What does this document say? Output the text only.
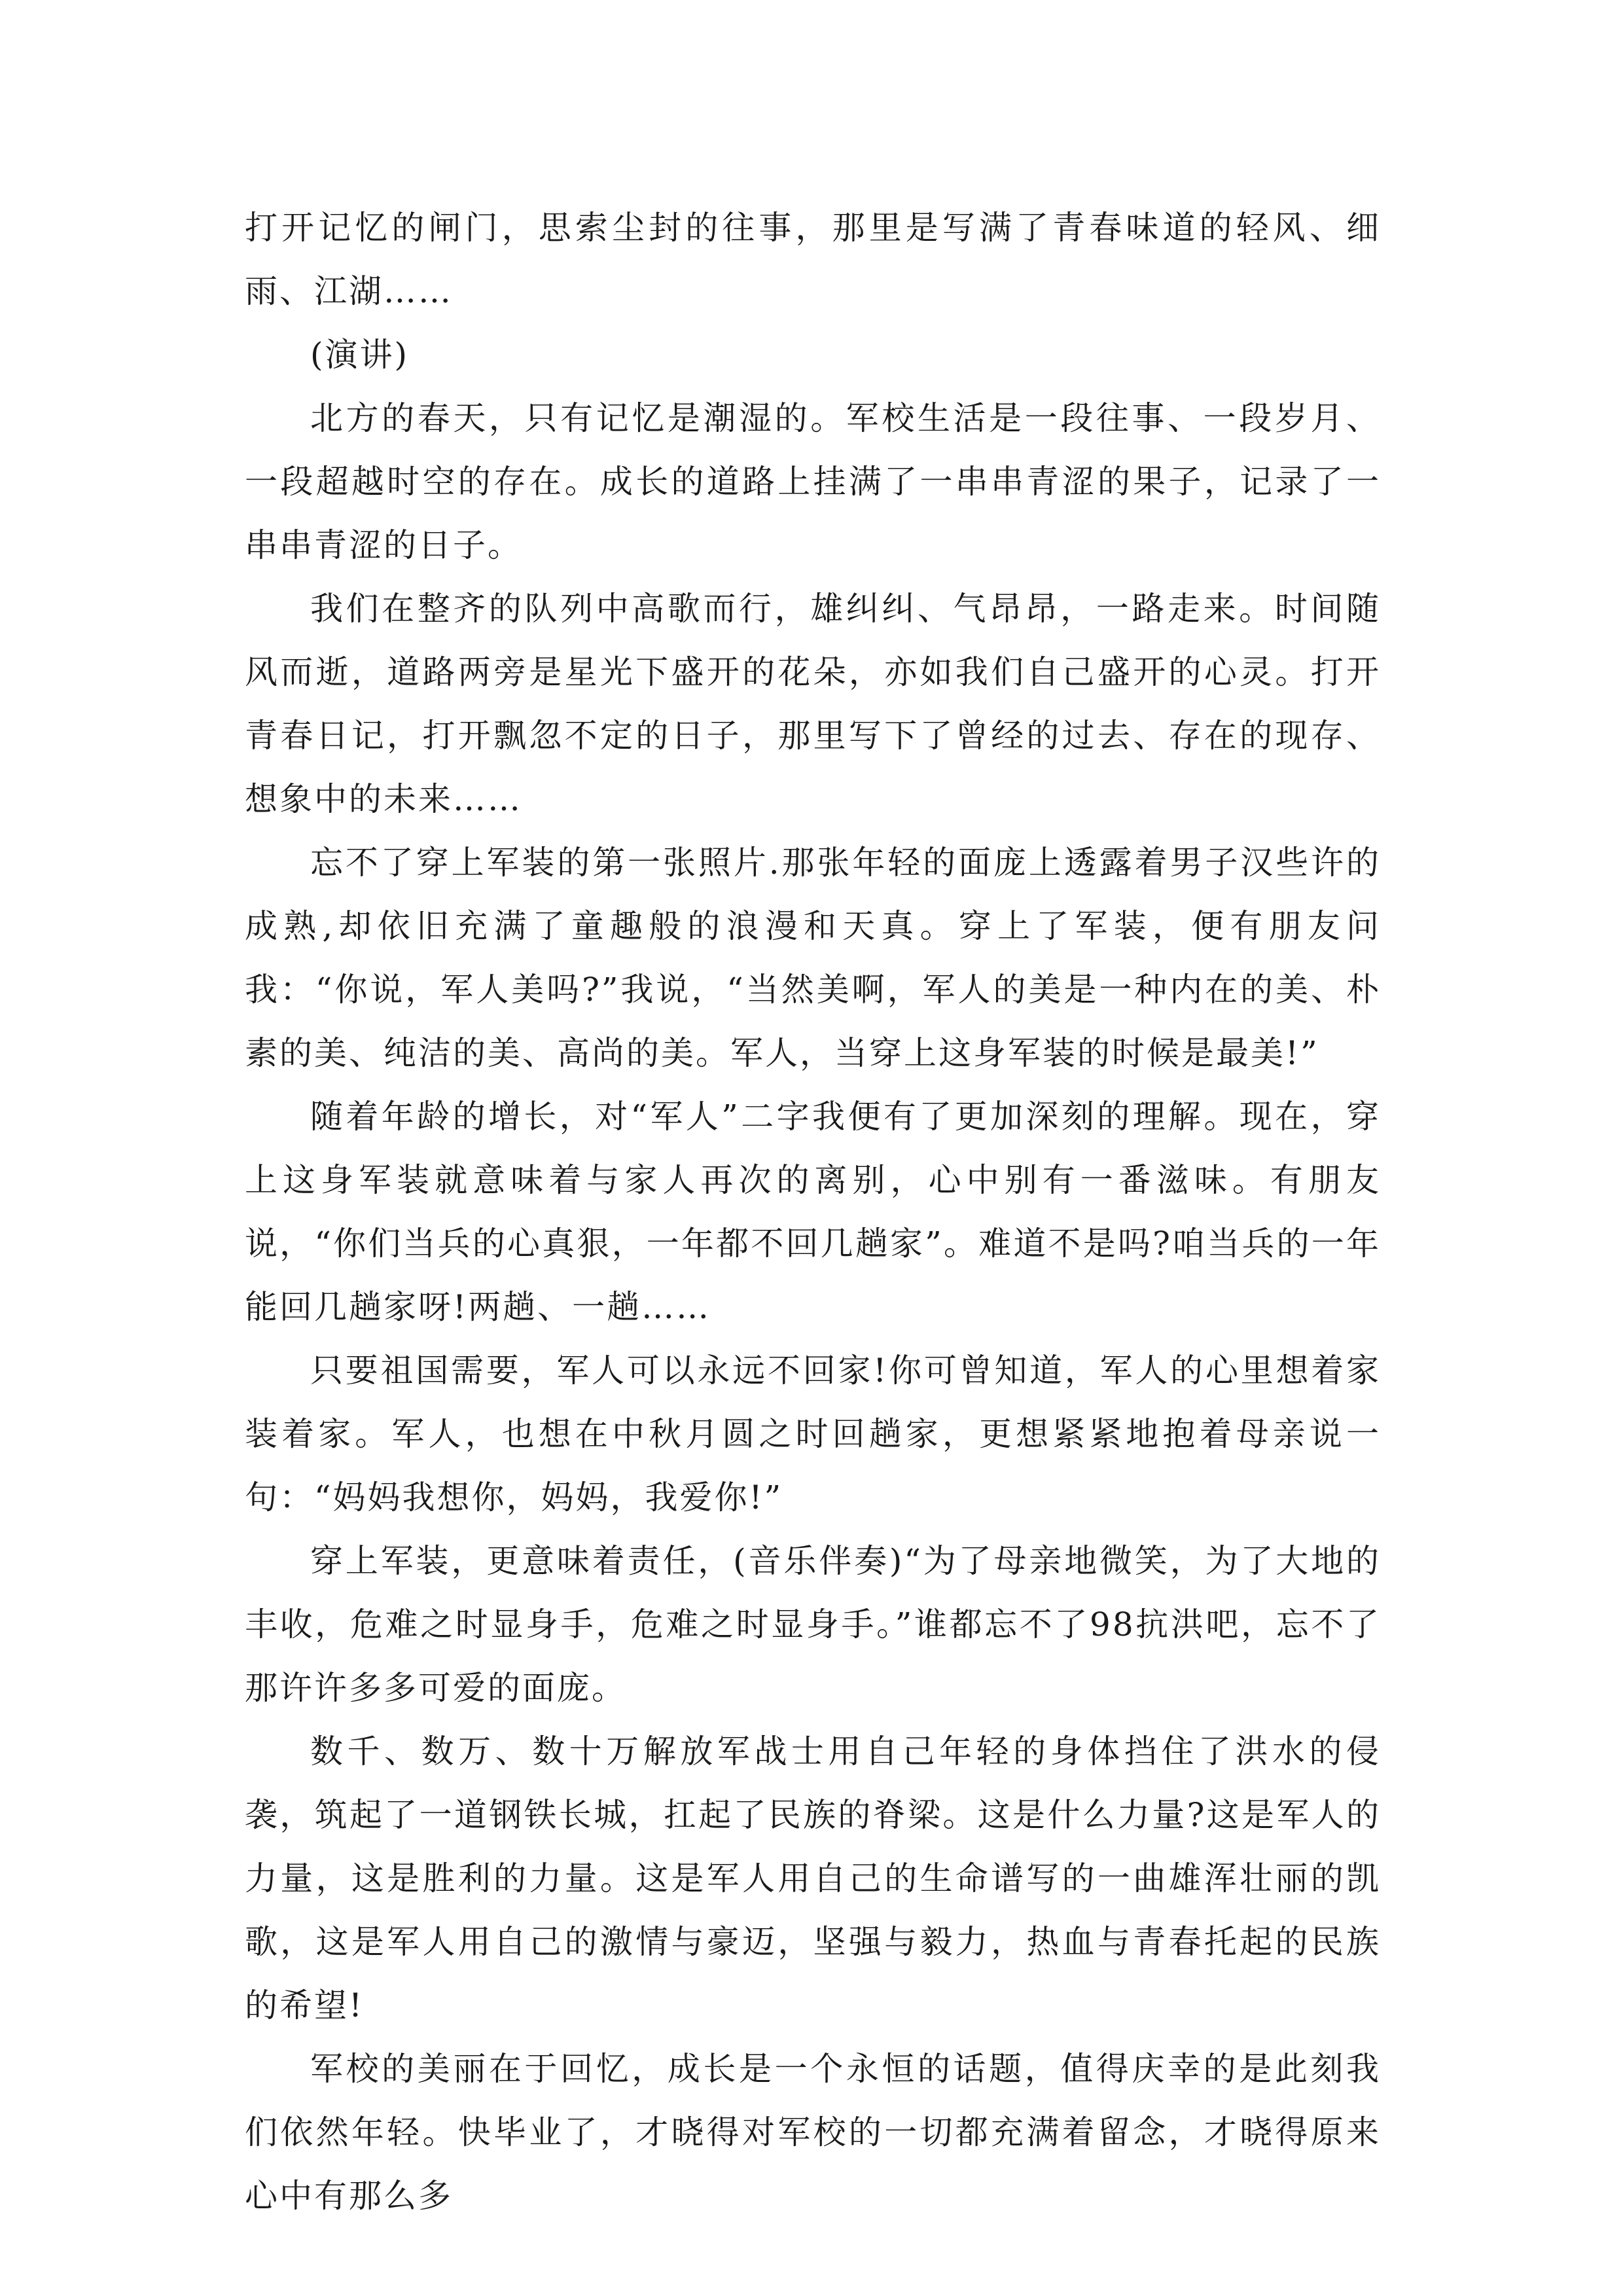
打开记忆的闸门，思索尘封的往事，那里是写满了青春味道的轻风、细雨、江湖……

(演讲)

北方的春天，只有记忆是潮湿的。军校生活是一段往事、一段岁月、一段超越时空的存在。成长的道路上挂满了一串串青涩的果子，记录了一串串青涩的日子。

我们在整齐的队列中高歌而行，雄纠纠、气昂昂，一路走来。时间随风而逝，道路两旁是星光下盛开的花朵，亦如我们自己盛开的心灵。打开青春日记，打开飘忽不定的日子，那里写下了曾经的过去、存在的现存、想象中的未来……

忘不了穿上军装的第一张照片.那张年轻的面庞上透露着男子汉些许的成熟,却依旧充满了童趣般的浪漫和天真。穿上了军装，便有朋友问我：“你说，军人美吗?”我说，“当然美啊，军人的美是一种内在的美、朴素的美、纯洁的美、高尚的美。军人，当穿上这身军装的时候是最美!”

随着年龄的增长，对“军人”二字我便有了更加深刻的理解。现在，穿上这身军装就意味着与家人再次的离别，心中别有一番滋味。有朋友说，“你们当兵的心真狠，一年都不回几趟家”。难道不是吗?咱当兵的一年能回几趟家呀!两趟、一趟……

只要祖国需要，军人可以永远不回家!你可曾知道，军人的心里想着家装着家。军人，也想在中秋月圆之时回趟家，更想紧紧地抱着母亲说一句：“妈妈我想你，妈妈，我爱你!”

穿上军装，更意味着责任，(音乐伴奏)“为了母亲地微笑，为了大地的丰收，危难之时显身手，危难之时显身手。”谁都忘不了98抗洪吧，忘不了那许许多多可爱的面庞。

数千、数万、数十万解放军战士用自己年轻的身体挡住了洪水的侵袭，筑起了一道钢铁长城，扛起了民族的脊梁。这是什么力量?这是军人的力量，这是胜利的力量。这是军人用自己的生命谱写的一曲雄浑壮丽的凯歌，这是军人用自己的激情与豪迈，坚强与毅力，热血与青春托起的民族的希望!

军校的美丽在于回忆，成长是一个永恒的话题，值得庆幸的是此刻我们依然年轻。快毕业了，才晓得对军校的一切都充满着留念，才晓得原来心中有那么多
